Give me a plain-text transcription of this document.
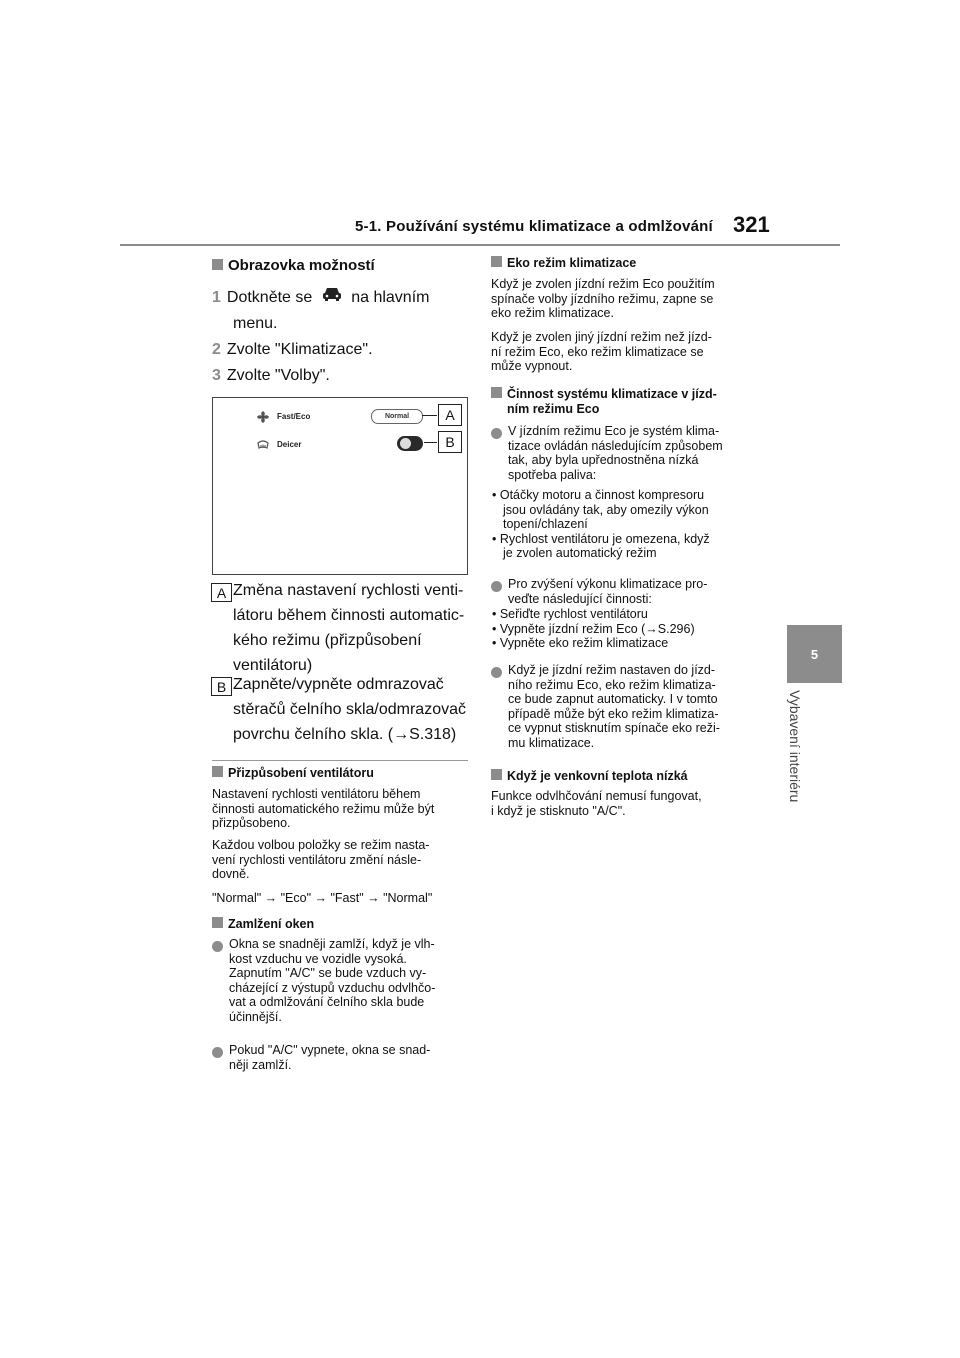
5-1. Používání systému klimatizace a odmlžování 321
5
Vybavení interiéru
Obrazovka možností
1 Dotkněte se na hlavním
menu.
2 Zvolte "Klimatizace".
3 Zvolte "Volby".
Fast/Eco	Normal
Deicer
A
B
A Změna nastavení rychlosti venti-
látoru během činnosti automatic-
kého režimu (přizpůsobení
ventilátoru)
B Zapněte/vypněte odmrazovač
stěračů čelního skla/odmrazovač
povrchu čelního skla. (→S.318)
Přizpůsobení ventilátoru
Nastavení rychlosti ventilátoru během
činnosti automatického režimu může být
přizpůsobeno.
Každou volbou položky se režim nasta-
vení rychlosti ventilátoru změní násle-
dovně.
"Normal" → "Eco" → "Fast" → "Normal"
Zamlžení oken
Okna se snadněji zamlží, když je vlh-
kost vzduchu ve vozidle vysoká.
Zapnutím "A/C" se bude vzduch vy-
cházející z výstupů vzduchu odvlhčo-
vat a odmlžování čelního skla bude
účinnější.
Pokud "A/C" vypnete, okna se snad-
něji zamlží.
Eko režim klimatizace
Když je zvolen jízdní režim Eco použitím
spínače volby jízdního režimu, zapne se
eko režim klimatizace.
Když je zvolen jiný jízdní režim než jízd-
ní režim Eco, eko režim klimatizace se
může vypnout.
Činnost systému klimatizace v jízd-
ním režimu Eco
V jízdním režimu Eco je systém klima-
tizace ovládán následujícím způsobem
tak, aby byla upřednostněna nízká
spotřeba paliva:
• Otáčky motoru a činnost kompresoru
jsou ovládány tak, aby omezily výkon
topení/chlazení
• Rychlost ventilátoru je omezena, když
je zvolen automatický režim
Pro zvýšení výkonu klimatizace pro-
veďte následující činnosti:
• Seřiďte rychlost ventilátoru
• Vypněte jízdní režim Eco (→S.296)
• Vypněte eko režim klimatizace
Když je jízdní režim nastaven do jízd-
ního režimu Eco, eko režim klimatiza-
ce bude zapnut automaticky. I v tomto
případě může být eko režim klimatiza-
ce vypnut stisknutím spínače eko reži-
mu klimatizace.
Když je venkovní teplota nízká
Funkce odvlhčování nemusí fungovat,
i když je stisknuto "A/C".
